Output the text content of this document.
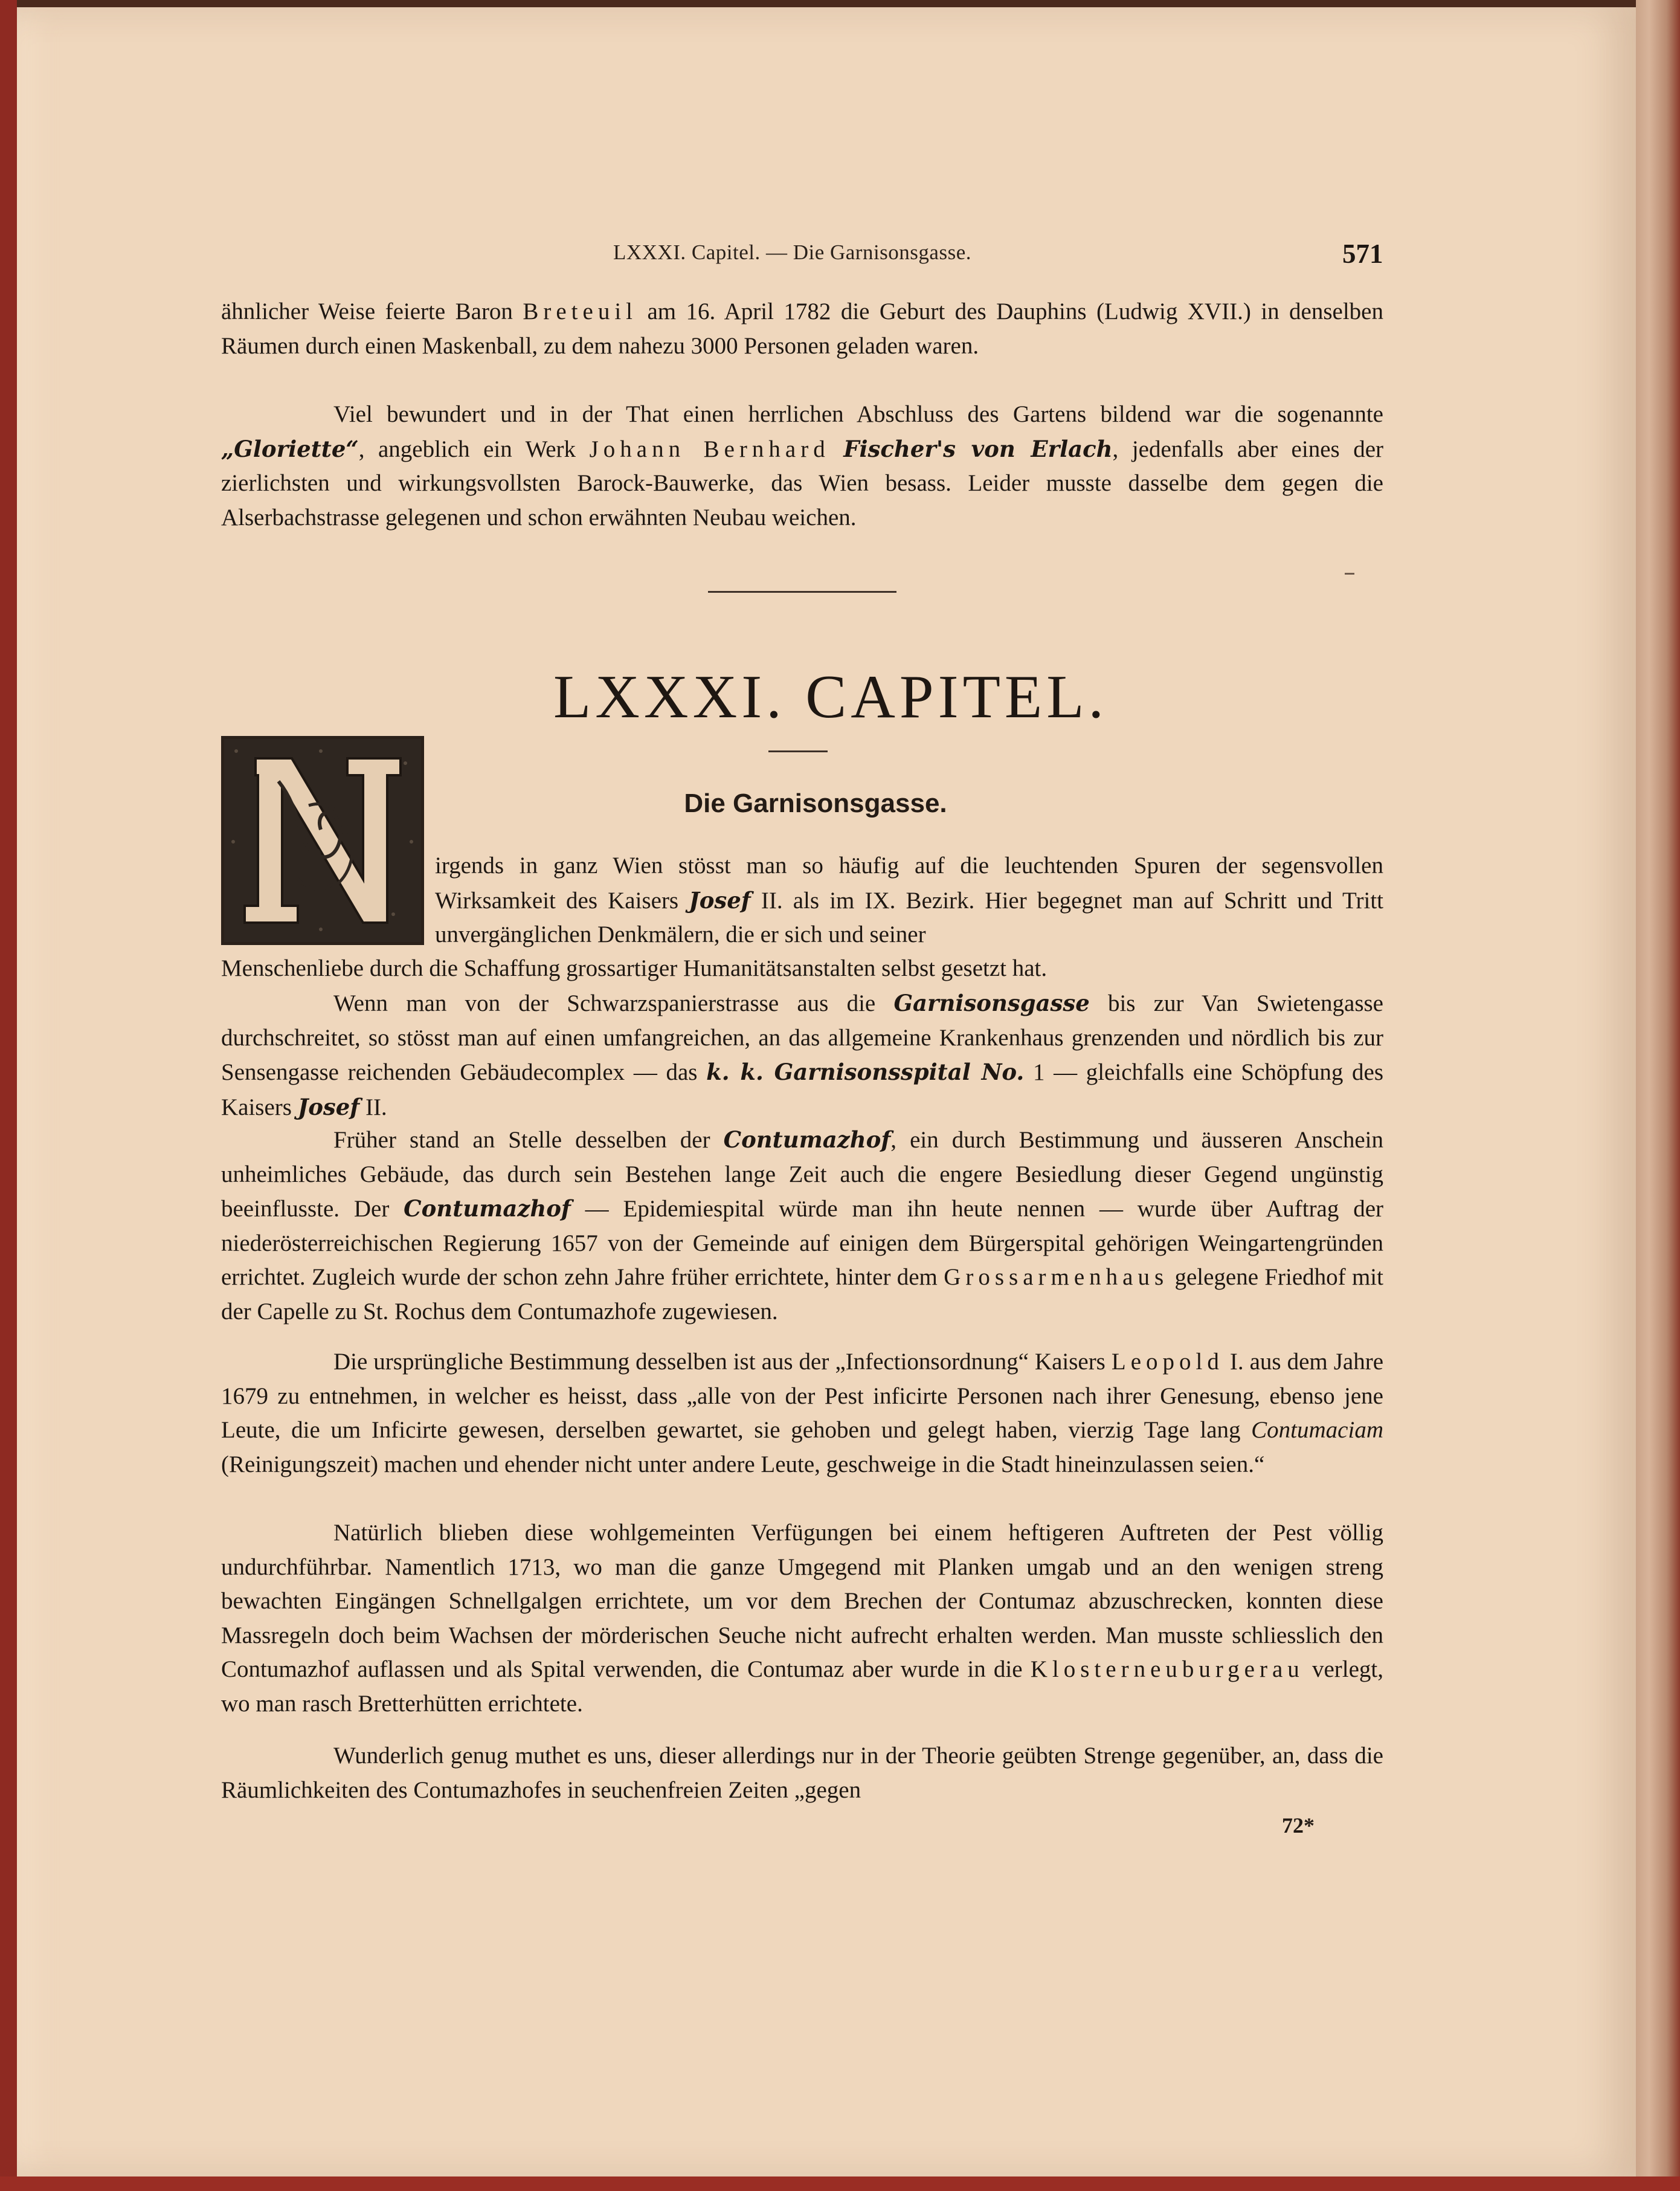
LXXXI. Capitel. — Die Garnisonsgasse.	571

ähnlicher Weise feierte Baron Breteuil am 16. April 1782 die Geburt des Dauphins (Ludwig XVII.) in denselben Räumen durch einen Maskenball, zu dem nahezu 3000 Personen geladen waren.

Viel bewundert und in der That einen herrlichen Abschluss des Gartens bildend war die sogenannte „Gloriette“, angeblich ein Werk Johann Bernhard Fischer's von Erlach, jedenfalls aber eines der zierlichsten und wirkungsvollsten Barock-Bauwerke, das Wien besass. Leider musste dasselbe dem gegen die Alserbachstrasse gelegenen und schon erwähnten Neubau weichen.

LXXXI. CAPITEL.
Die Garnisonsgasse.

irgends in ganz Wien stösst man so häufig auf die leuchtenden Spuren der segensvollen Wirksamkeit des Kaisers Josef II. als im IX. Bezirk. Hier begegnet man auf Schritt und Tritt unvergänglichen Denkmälern, die er sich und seiner

Menschenliebe durch die Schaffung grossartiger Humanitätsanstalten selbst gesetzt hat.

Wenn man von der Schwarzspanierstrasse aus die Garnisonsgasse bis zur Van Swietengasse durchschreitet, so stösst man auf einen umfangreichen, an das allgemeine Krankenhaus grenzenden und nördlich bis zur Sensengasse reichenden Gebäudecomplex — das k. k. Garnisonsspital No. 1 — gleichfalls eine Schöpfung des Kaisers Josef II.

Früher stand an Stelle desselben der Contumazhof, ein durch Bestimmung und äusseren Anschein unheimliches Gebäude, das durch sein Bestehen lange Zeit auch die engere Besiedlung dieser Gegend ungünstig beeinflusste. Der Contumazhof — Epidemiespital würde man ihn heute nennen — wurde über Auftrag der niederösterreichischen Regierung 1657 von der Gemeinde auf einigen dem Bürgerspital gehörigen Weingartengründen errichtet. Zugleich wurde der schon zehn Jahre früher errichtete, hinter dem Grossarmenhaus gelegene Friedhof mit der Capelle zu St. Rochus dem Contumazhofe zugewiesen.

Die ursprüngliche Bestimmung desselben ist aus der „Infectionsordnung“ Kaisers Leopold I. aus dem Jahre 1679 zu entnehmen, in welcher es heisst, dass „alle von der Pest inficirte Personen nach ihrer Genesung, ebenso jene Leute, die um Inficirte gewesen, derselben gewartet, sie gehoben und gelegt haben, vierzig Tage lang Contumaciam (Reinigungszeit) machen und ehender nicht unter andere Leute, geschweige in die Stadt hineinzulassen seien.“

Natürlich blieben diese wohlgemeinten Verfügungen bei einem heftigeren Auftreten der Pest völlig undurchführbar. Namentlich 1713, wo man die ganze Umgegend mit Planken umgab und an den wenigen streng bewachten Eingängen Schnellgalgen errichtete, um vor dem Brechen der Contumaz abzuschrecken, konnten diese Massregeln doch beim Wachsen der mörderischen Seuche nicht aufrecht erhalten werden. Man musste schliesslich den Contumazhof auflassen und als Spital verwenden, die Contumaz aber wurde in die Klosterneuburgerau verlegt, wo man rasch Bretterhütten errichtete.

Wunderlich genug muthet es uns, dieser allerdings nur in der Theorie geübten Strenge gegenüber, an, dass die Räumlichkeiten des Contumazhofes in seuchenfreien Zeiten „gegen

72*
